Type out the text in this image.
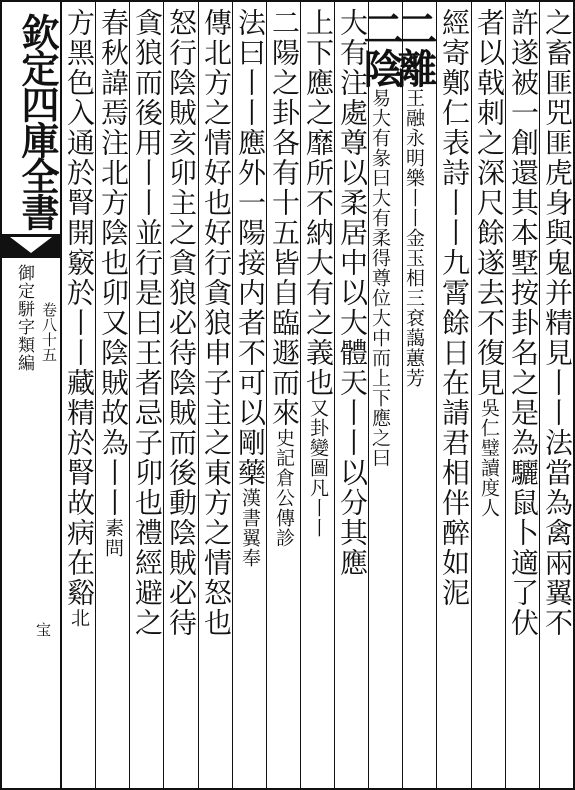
欽定四庫全書
御定駢字類編 卷八十五
宝	之畜匪兕匪虎身與鬼并精見丨丨法當為禽兩翼不
許遂被一創還其本墅按卦名之是為驪鼠卜適了伏
者以戟刺之深尺餘遂去不復見吳仁璧讀度人
經寄鄭仁表詩丨丨九霄餘日在請君相伴醉如泥
二離王融永明樂丨丨金玉相三袞藹蕙芳
二陰易大有彖曰大有柔得尊位大中而上下應之曰
大有注處尊以柔居中以大體天丨丨以分其應
上下應之靡所不納大有之義也又卦變圖凡丨丨
二陽之卦各有十五皆自臨遯而來史記倉公傳診
法曰丨丨應外一陽接内者不可以剛藥漢書翼奉
傳北方之情好也好行貪狼申子主之東方之情怒也
怒行陰賊亥卯主之貪狼必待陰賊而後動陰賊必待
貪狼而後用丨丨並行是曰王者忌子卯也禮經避之
春秋諱焉注北方陰也卯又陰賊故為丨丨素問
方黑色入通於腎開竅於丨丨藏精於腎故病在谿北
